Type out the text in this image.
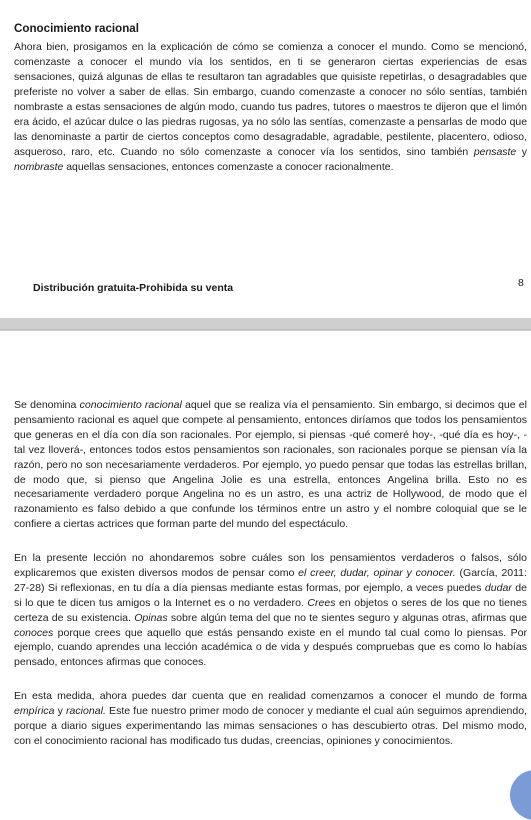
Conocimiento racional

Ahora bien, prosigamos en la explicación de cómo se comienza a conocer el mundo. Como se mencionó, comenzaste a conocer el mundo vía los sentidos, en ti se generaron ciertas experiencias de esas sensaciones, quizá algunas de ellas te resultaron tan agradables que quisiste repetirlas, o desagradables que preferiste no volver a saber de ellas. Sin embargo, cuando comenzaste a conocer no sólo sentías, también nombraste a estas sensaciones de algún modo, cuando tus padres, tutores o maestros te dijeron que el limón era ácido, el azúcar dulce o las piedras rugosas, ya no sólo las sentías, comenzaste a pensarlas de modo que las denominaste a partir de ciertos conceptos como desagradable, agradable, pestilente, placentero, odioso, asqueroso, raro, etc. Cuando no sólo comenzaste a conocer vía los sentidos, sino también pensaste y nombraste aquellas sensaciones, entonces comenzaste a conocer racionalmente.

Distribución gratuita-Prohibida su venta	8

Se denomina conocimiento racional aquel que se realiza vía el pensamiento. Sin embargo, si decimos que el pensamiento racional es aquel que compete al pensamiento, entonces diríamos que todos los pensamientos que generas en el día con día son racionales. Por ejemplo, si piensas -qué comeré hoy-, -qué día es hoy-, -tal vez lloverá-, entonces todos estos pensamientos son racionales, son racionales porque se piensan vía la razón, pero no son necesariamente verdaderos. Por ejemplo, yo puedo pensar que todas las estrellas brillan, de modo que, si pienso que Angelina Jolie es una estrella, entonces Angelina brilla. Esto no es necesariamente verdadero porque Angelina no es un astro, es una actriz de Hollywood, de modo que el razonamiento es falso debido a que confunde los términos entre un astro y el nombre coloquial que se le confiere a ciertas actrices que forman parte del mundo del espectáculo.

En la presente lección no ahondaremos sobre cuáles son los pensamientos verdaderos o falsos, sólo explicaremos que existen diversos modos de pensar como el creer, dudar, opinar y conocer. (García, 2011: 27-28) Si reflexionas, en tu día a día piensas mediante estas formas, por ejemplo, a veces puedes dudar de si lo que te dicen tus amigos o la Internet es o no verdadero. Crees en objetos o seres de los que no tienes certeza de su existencia. Opinas sobre algún tema del que no te sientes seguro y algunas otras, afirmas que conoces porque crees que aquello que estás pensando existe en el mundo tal cual como lo piensas. Por ejemplo, cuando aprendes una lección académica o de vida y después compruebas que es como lo habías pensado, entonces afirmas que conoces.

En esta medida, ahora puedes dar cuenta que en realidad comenzamos a conocer el mundo de forma empírica y racional. Este fue nuestro primer modo de conocer y mediante el cual aún seguimos aprendiendo, porque a diario sigues experimentando las mimas sensaciones o has descubierto otras. Del mismo modo, con el conocimiento racional has modificado tus dudas, creencias, opiniones y conocimientos.
